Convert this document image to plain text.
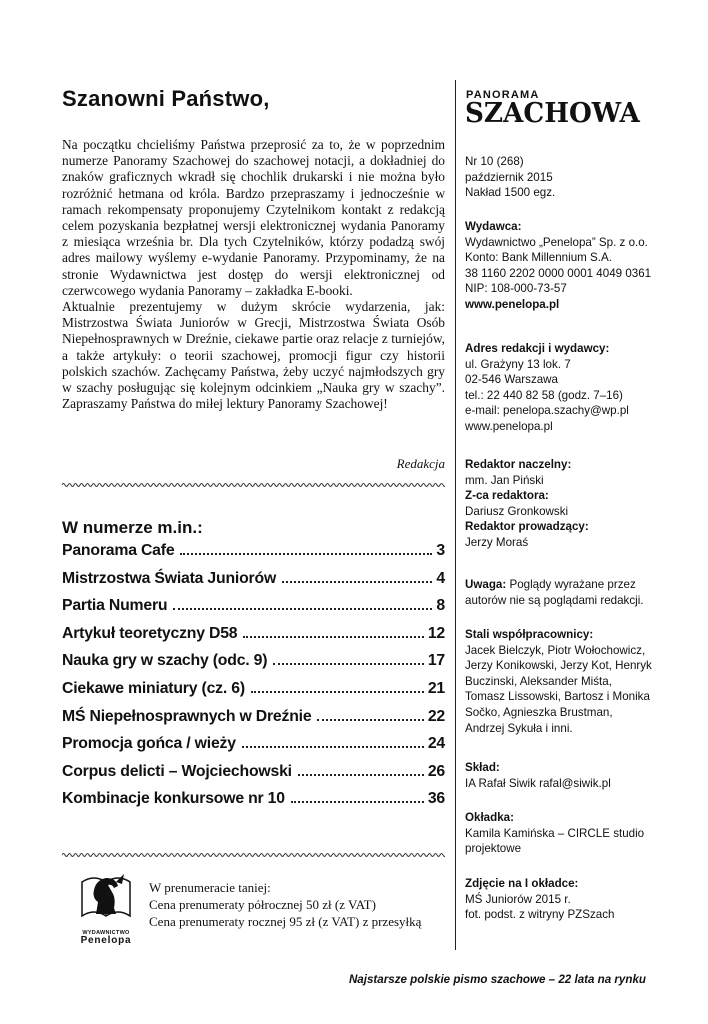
Szanowni Państwo,

Na początku chcieliśmy Państwa przeprosić za to, że w poprzednim numerze Panoramy Szachowej do szachowej notacji, a dokładniej do znaków graficznych wkradł się chochlik drukarski i nie można było rozróżnić hetmana od króla. Bardzo przepraszamy i jednocześnie w ramach rekompensaty proponujemy Czytelnikom kontakt z redakcją celem pozyskania bezpłatnej wersji elektronicznej wydania Panoramy z miesiąca września br. Dla tych Czytelników, którzy podadzą swój adres mailowy wyślemy e-wydanie Panoramy. Przypominamy, że na stronie Wydawnictwa jest dostęp do wersji elektronicznej od czerwcowego wydania Panoramy – zakładka E-booki.

Aktualnie prezentujemy w dużym skrócie wydarzenia, jak: Mistrzostwa Świata Juniorów w Grecji, Mistrzostwa Świata Osób Niepełnosprawnych w Dreźnie, ciekawe partie oraz relacje z turniejów, a także artykuły: o teorii szachowej, promocji figur czy historii polskich szachów. Zachęcamy Państwa, żeby uczyć najmłodszych gry w szachy posługując się kolejnym odcinkiem „Nauka gry w szachy”. Zapraszamy Państwa do miłej lektury Panoramy Szachowej!

Redakcja
W numerze m.in.:
Panorama Cafe	3
Mistrzostwa Świata Juniorów	4
Partia Numeru	8
Artykuł teoretyczny D58	12
Nauka gry w szachy (odc. 9)	17
Ciekawe miniatury (cz. 6)	21
MŚ Niepełnosprawnych w Dreźnie	22
Promocja gońca / wieży	24
Corpus delicti – Wojciechowski	26
Kombinacje konkursowe nr 10	36
WYDAWNICTWO
Penelopa
W prenumeracie taniej:
Cena prenumeraty półrocznej 50 zł (z VAT)
Cena prenumeraty rocznej 95 zł (z VAT) z przesyłką
PANORAMA
SZACHOWA
Nr 10 (268)
październik 2015
Nakład 1500 egz.
Wydawca:
Wydawnictwo „Penelopa” Sp. z o.o.
Konto: Bank Millennium S.A.
38 1160 2202 0000 0001 4049 0361
NIP: 108-000-73-57
www.penelopa.pl
Adres redakcji i wydawcy:
ul. Grażyny 13 lok. 7
02-546 Warszawa
tel.: 22 440 82 58 (godz. 7–16)
e-mail: penelopa.szachy@wp.pl
www.penelopa.pl
Redaktor naczelny:
mm. Jan Piński
Z-ca redaktora:
Dariusz Gronkowski
Redaktor prowadzący:
Jerzy Moraś
Uwaga: Poglądy wyrażane przez
autorów nie są poglądami redakcji.
Stali współpracownicy:
Jacek Bielczyk, Piotr Wołochowicz,
Jerzy Konikowski, Jerzy Kot, Henryk
Buczinski, Aleksander Miśta,
Tomasz Lissowski, Bartosz i Monika
Sočko, Agnieszka Brustman,
Andrzej Sykuła i inni.
Skład:
IA Rafał Siwik rafal@siwik.pl
Okładka:
Kamila Kamińska – CIRCLE studio
projektowe
Zdjęcie na I okładce:
MŚ Juniorów 2015 r.
fot. podst. z witryny PZSzach
Najstarsze polskie pismo szachowe – 22 lata na rynku
